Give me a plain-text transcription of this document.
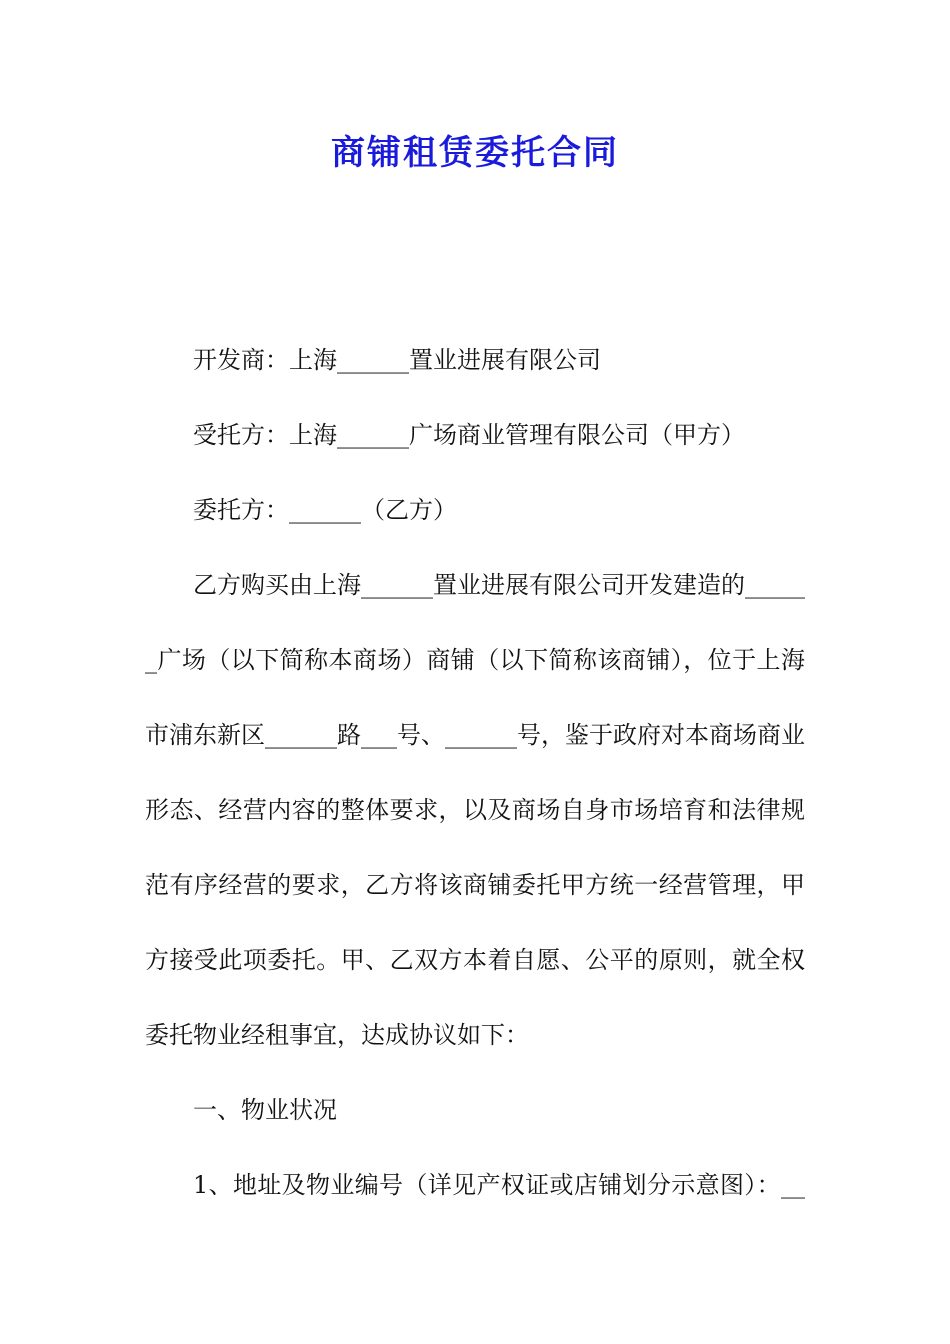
商铺租赁委托合同
开发商：上海______置业进展有限公司
受托方：上海______广场商业管理有限公司（甲方）
委托方：______（乙方）
乙方购买由上海______置业进展有限公司开发建造的_____
_广场（以下简称本商场）商铺（以下简称该商铺），位于上海
市浦东新区______路___号、______号，鉴于政府对本商场商业
形态、经营内容的整体要求，以及商场自身市场培育和法律规
范有序经营的要求，乙方将该商铺委托甲方统一经营管理，甲
方接受此项委托。甲、乙双方本着自愿、公平的原则，就全权
委托物业经租事宜，达成协议如下：
一、物业状况
1、地址及物业编号（详见产权证或店铺划分示意图）：__
